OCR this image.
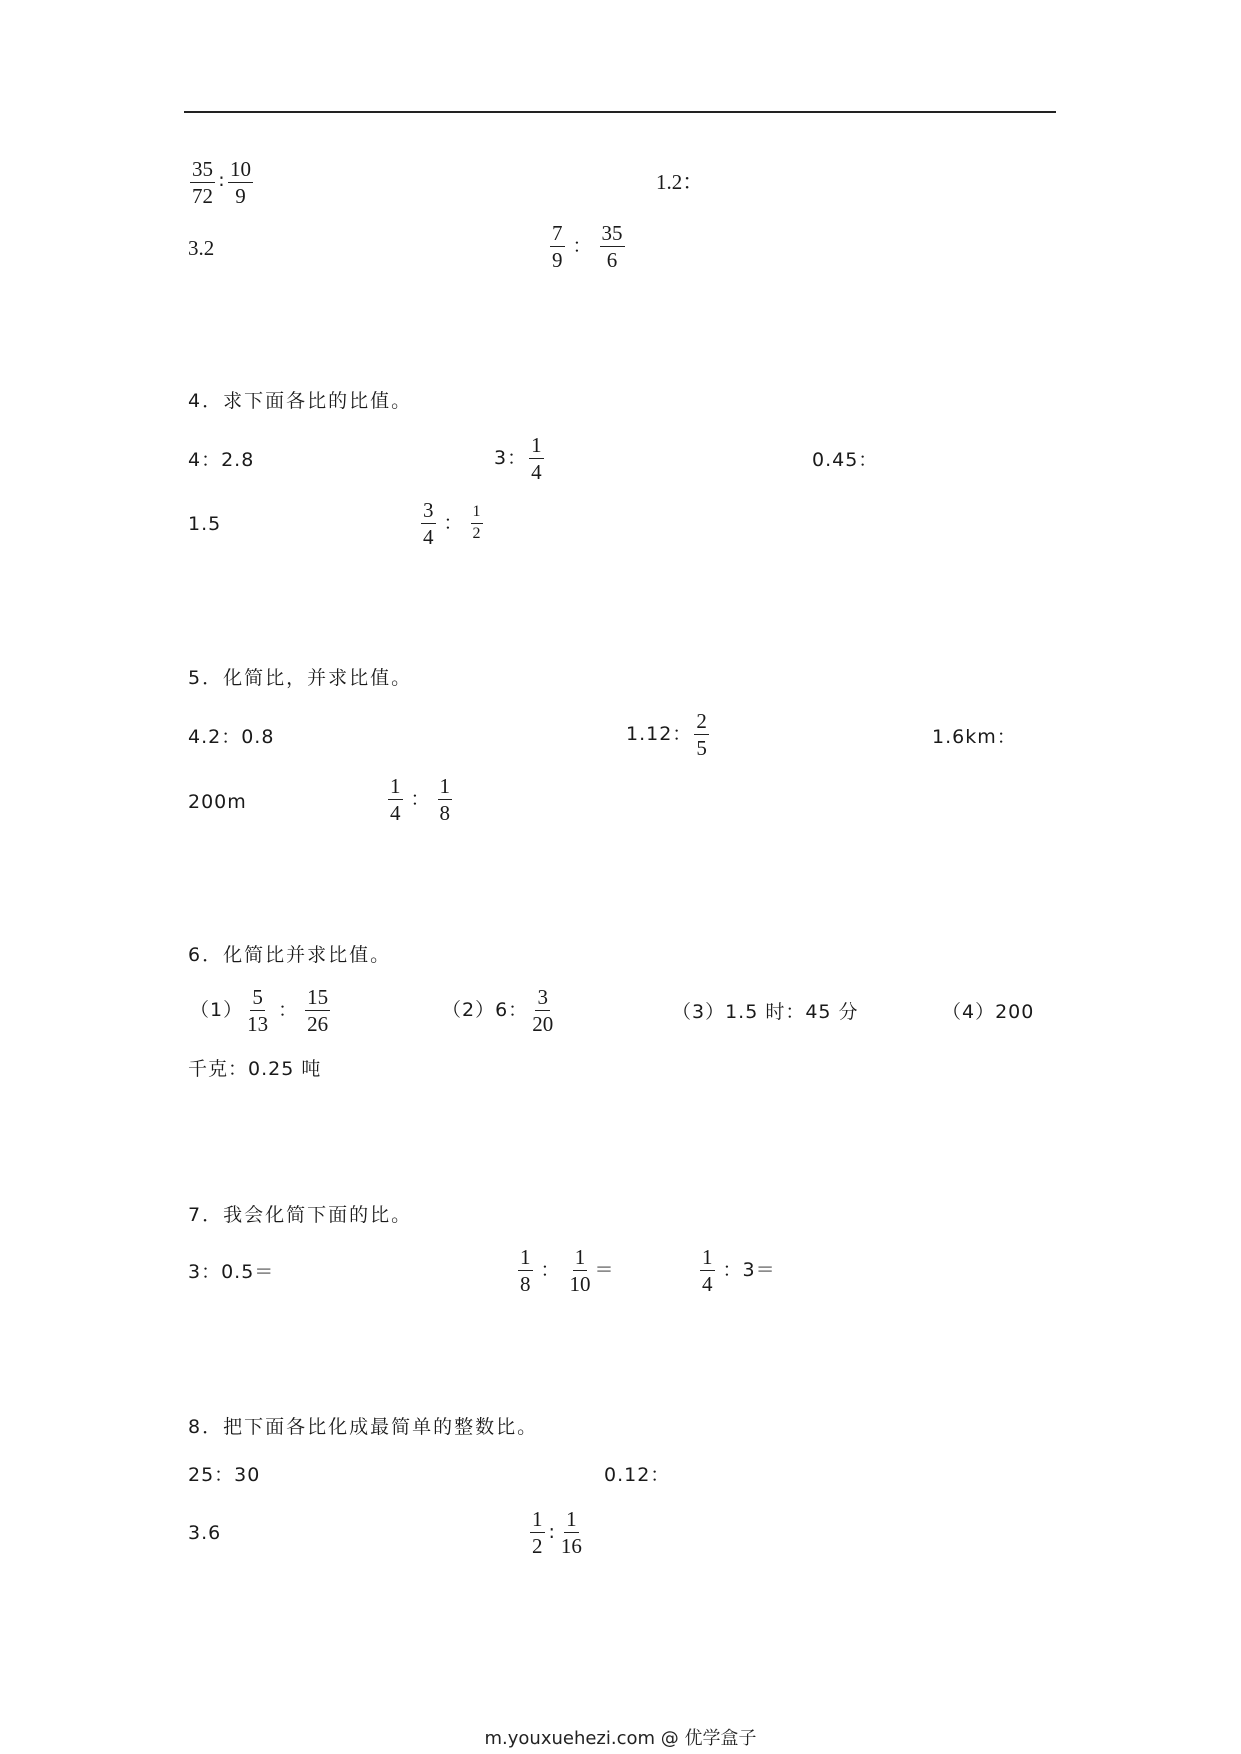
$\frac{35}{72}$ ∶ $\frac{10}{9}$	1.2：
3.2	$\frac{7}{9}$ ： $\frac{35}{6}$
4．求下面各比的比值。
4：2.8	3： $\frac{1}{4}$	0.45：
1.5	$\frac{3}{4}$ ： $\frac{1}{2}$
5．化简比，并求比值。
4.2：0.8	1.12： $\frac{2}{5}$	1.6km：
200m	$\frac{1}{4}$ ： $\frac{1}{8}$
6．化简比并求比值。
$(1) \frac{5}{13}$ ： $\frac{15}{26}$	（2）6： $\frac{3}{20}$	（3）1.5 时：45 分	（4）200
千克：0.25 吨
7．我会化简下面的比。
3：0.5＝	$\frac{1}{8}$ ： $\frac{1}{10}$ ＝	$\frac{1}{4}$ ：3＝
8．把下面各比化成最简单的整数比。
25：30	0.12：
3.6	$\frac{1}{2}$ : $\frac{1}{16}$
m.youxuehezi.com @ 优学盒子
